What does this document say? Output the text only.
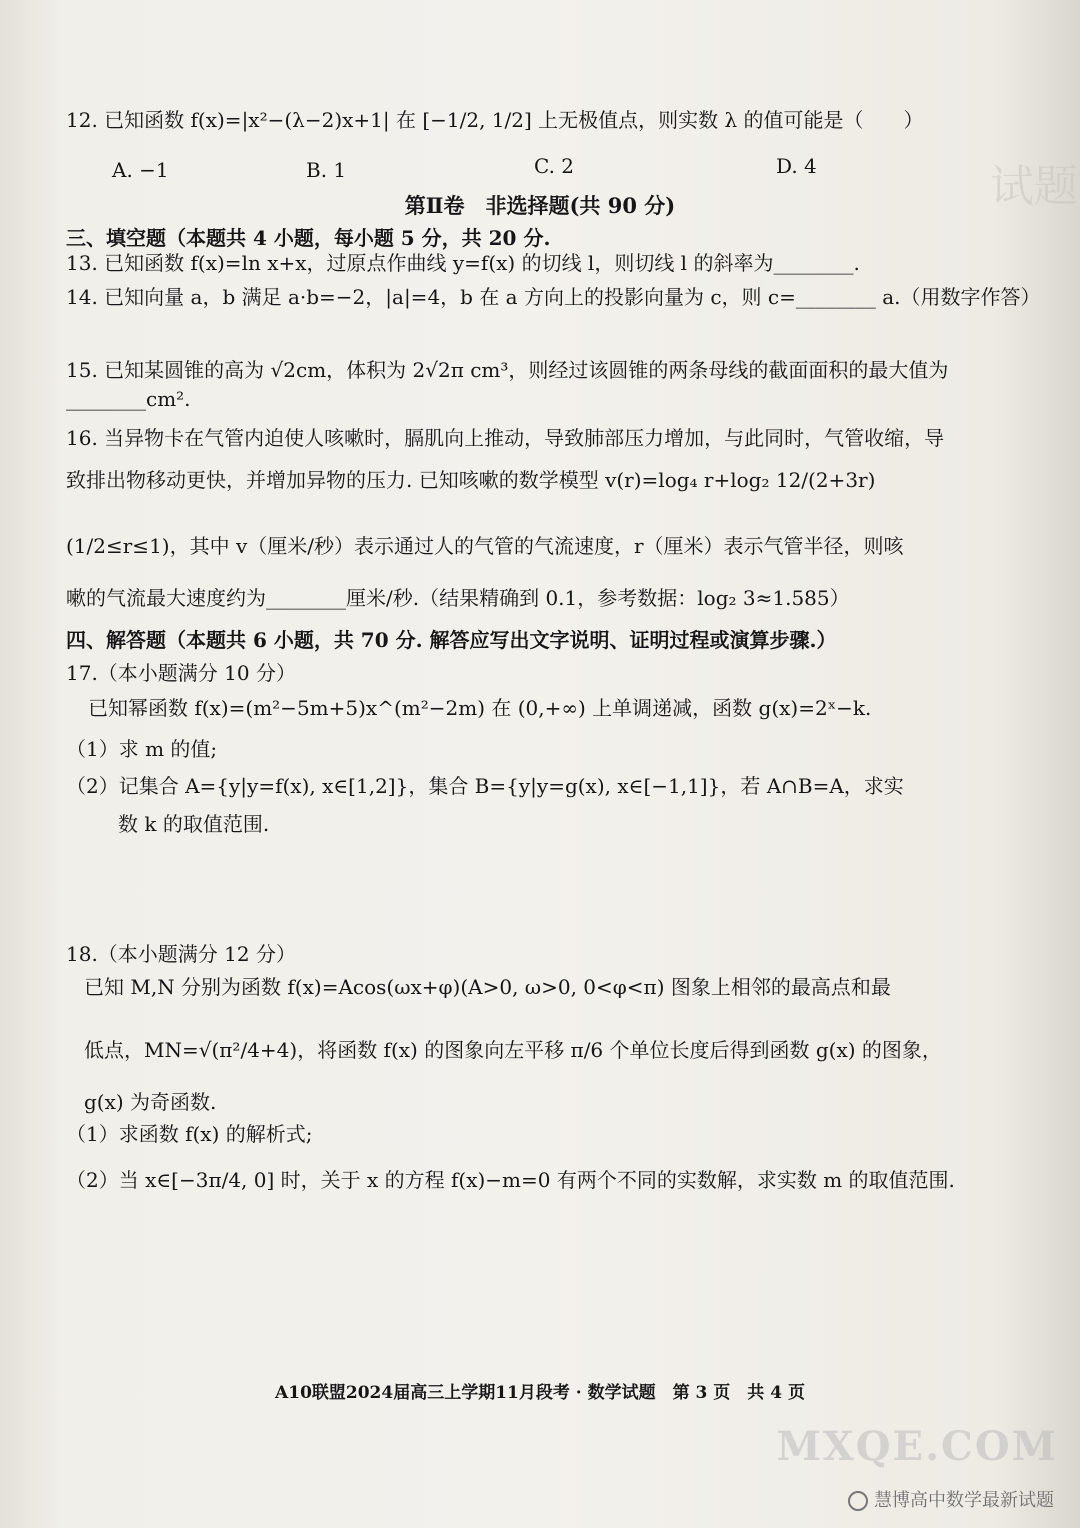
试题
12. 已知函数 f(x)=|x²−(λ−2)x+1| 在 [−1/2, 1/2] 上无极值点，则实数 λ 的值可能是（　　）
A. −1	B. 1	C. 2	D. 4
第Ⅱ卷　非选择题(共 90 分)
三、填空题（本题共 4 小题，每小题 5 分，共 20 分.
13. 已知函数 f(x)=ln x+x，过原点作曲线 y=f(x) 的切线 l，则切线 l 的斜率为________.
14. 已知向量 a，b 满足 a·b=−2，|a|=4，b 在 a 方向上的投影向量为 c，则 c=________ a.（用数字作答）
15. 已知某圆锥的高为 √2cm，体积为 2√2π cm³，则经过该圆锥的两条母线的截面面积的最大值为________cm².
16. 当异物卡在气管内迫使人咳嗽时，膈肌向上推动，导致肺部压力增加，与此同时，气管收缩，导
致排出物移动更快，并增加异物的压力. 已知咳嗽的数学模型 v(r)=log₄ r+log₂ 12/(2+3r)
(1/2≤r≤1)，其中 v（厘米/秒）表示通过人的气管的气流速度，r（厘米）表示气管半径，则咳
嗽的气流最大速度约为________厘米/秒.（结果精确到 0.1，参考数据：log₂ 3≈1.585）
四、解答题（本题共 6 小题，共 70 分. 解答应写出文字说明、证明过程或演算步骤.）
17.（本小题满分 10 分）
已知幂函数 f(x)=(m²−5m+5)x^(m²−2m) 在 (0,+∞) 上单调递减，函数 g(x)=2ˣ−k.
（1）求 m 的值;
（2）记集合 A={y|y=f(x), x∈[1,2]}，集合 B={y|y=g(x), x∈[−1,1]}，若 A∩B=A，求实
数 k 的取值范围.
18.（本小题满分 12 分）
已知 M,N 分别为函数 f(x)=Acos(ωx+φ)(A>0, ω>0, 0<φ<π) 图象上相邻的最高点和最
低点，MN=√(π²/4+4)，将函数 f(x) 的图象向左平移 π/6 个单位长度后得到函数 g(x) 的图象，
g(x) 为奇函数.
（1）求函数 f(x) 的解析式;
（2）当 x∈[−3π/4, 0] 时，关于 x 的方程 f(x)−m=0 有两个不同的实数解，求实数 m 的取值范围.
A10联盟2024届高三上学期11月段考 · 数学试题　第 3 页　共 4 页
MXQE.COM
慧博高中数学最新试题
